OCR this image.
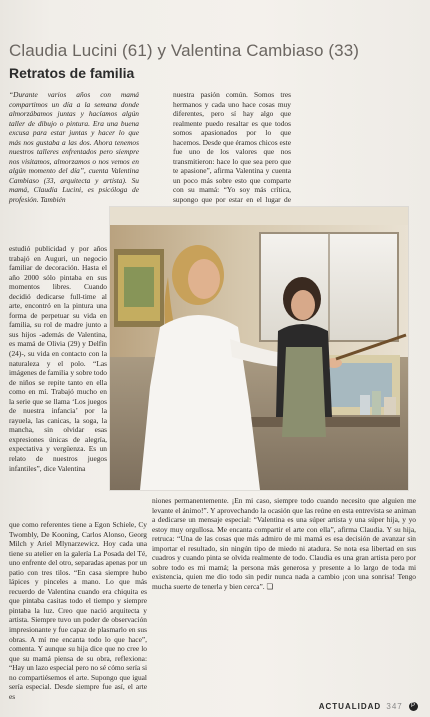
Claudia Lucini (61) y Valentina Cambiaso (33)
Retratos de familia

“Durante varios años con mamá compartimos un día a la semana donde almorzábamos juntas y hacíamos algún taller de dibujo o pintura. Era una buena excusa para estar juntas y hacer lo que más nos gustaba a las dos. Ahora tenemos nuestros talleres enfrentados pero siempre nos visitamos, almorzamos o nos vemos en algún momento del día”, cuenta Valentina Cambiaso (33, arquitecta y artista). Su mamá, Claudia Lucini, es psicóloga de profesión. También

nuestra pasión común. Somos tres hermanos y cada uno hace cosas muy diferentes, pero sí hay algo que realmente puedo resaltar es que todos somos apasionados por lo que hacemos. Desde que éramos chicos este fue uno de los valores que nos transmitieron: hace lo que sea pero que te apasione”, afirma Valentina y cuenta un poco más sobre esto que comparte con su mamá: “Yo soy más crítica, supongo que por estar en el lugar de

estudió publicidad y por años trabajó en Auguri, un negocio familiar de decoración. Hasta el año 2000 sólo pintaba en sus momentos libres. Cuando decidió dedicarse full-time al arte, encontró en la pintura una forma de perpetuar su vida en familia, su rol de madre junto a sus hijos -además de Valentina, es mamá de Olivia (29) y Delfín (24)-, su vida en contacto con la naturaleza y el polo. “Las imágenes de familia y sobre todo de niños se repite tanto en ella como en mí. Trabajó mucho en la serie que se llama ‘Los juegos de nuestra infancia’ por la rayuela, las canicas, la soga, la mancha, sin olvidar esas expresiones únicas de alegría, expectativa y vergüenza. Es un relato de nuestros juegos infantiles”, dice Valentina

que como referentes tiene a Egon Schiele, Cy Twombly, De Kooning, Carlos Alonso, Georg Milch y Ariel Mlynarzewicz. Hoy cada una tiene su atelier en la galería La Posada del Té, uno enfrente del otro, separadas apenas por un patio con tres tilos. “En casa siempre hubo lápices y pinceles a mano. Lo que más recuerdo de Valentina cuando era chiquita es que pintaba casitas todo el tiempo y siempre pintaba la luz. Creo que nació arquitecta y artista. Siempre tuvo un poder de observación impresionante y fue capaz de plasmarlo en sus obras. A mí me encanta todo lo que hace”, comenta. Y aunque su hija dice que no cree lo que su mamá piensa de su obra, reflexiona: “Hay un lazo especial pero no sé cómo sería si no compartiésemos el arte. Supongo que igual sería especial. Desde siempre fue así, el arte es

niones permanentemente. ¡En mi caso, siempre todo cuando necesito que alguien me levante el ánimo!”. Y aprovechando la ocasión que las reúne en esta entrevista se animan a dedicarse un mensaje especial: “Valentina es una súper artista y una súper hija, y yo estoy muy orgullosa. Me encanta compartir el arte con ella”, afirma Claudia. Y su hija, retruca: “Una de las cosas que más admiro de mi mamá es esa decisión de avanzar sin importar el resultado, sin ningún tipo de miedo ni atadura. Se nota esa libertad en sus cuadros y cuando pinta se olvida realmente de todo. Claudia es una gran artista pero por sobre todo es mi mamá; la persona más generosa y presente a lo largo de toda mi existencia, quien me dio todo sin pedir nunca nada a cambio ¡con una sonrisa! Tengo mucha suerte de tenerla y bien cerca”. ❏

ACTUALIDAD 347 P
